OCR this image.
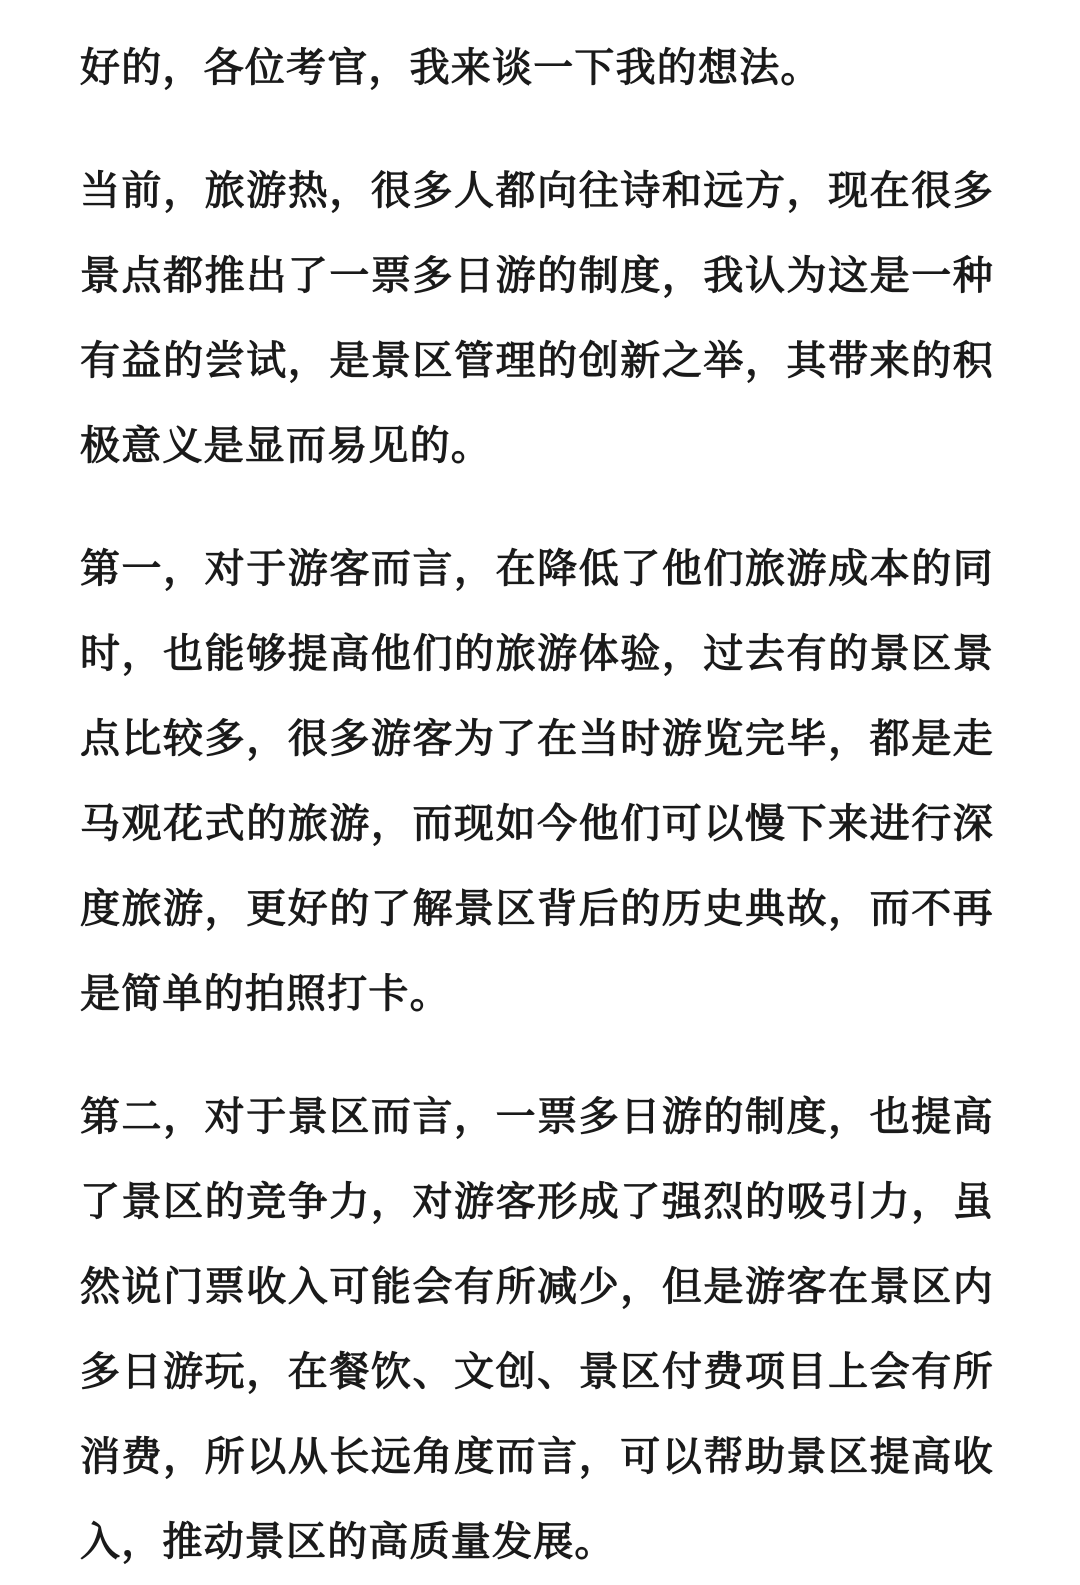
好的，各位考官，我来谈一下我的想法。

当前，旅游热，很多人都向往诗和远方，现在很多景点都推出了一票多日游的制度，我认为这是一种有益的尝试，是景区管理的创新之举，其带来的积极意义是显而易见的。

第一，对于游客而言，在降低了他们旅游成本的同时，也能够提高他们的旅游体验，过去有的景区景点比较多，很多游客为了在当时游览完毕，都是走马观花式的旅游，而现如今他们可以慢下来进行深度旅游，更好的了解景区背后的历史典故，而不再是简单的拍照打卡。

第二，对于景区而言，一票多日游的制度，也提高了景区的竞争力，对游客形成了强烈的吸引力，虽然说门票收入可能会有所减少，但是游客在景区内多日游玩，在餐饮、文创、景区付费项目上会有所消费，所以从长远角度而言，可以帮助景区提高收入，推动景区的高质量发展。
